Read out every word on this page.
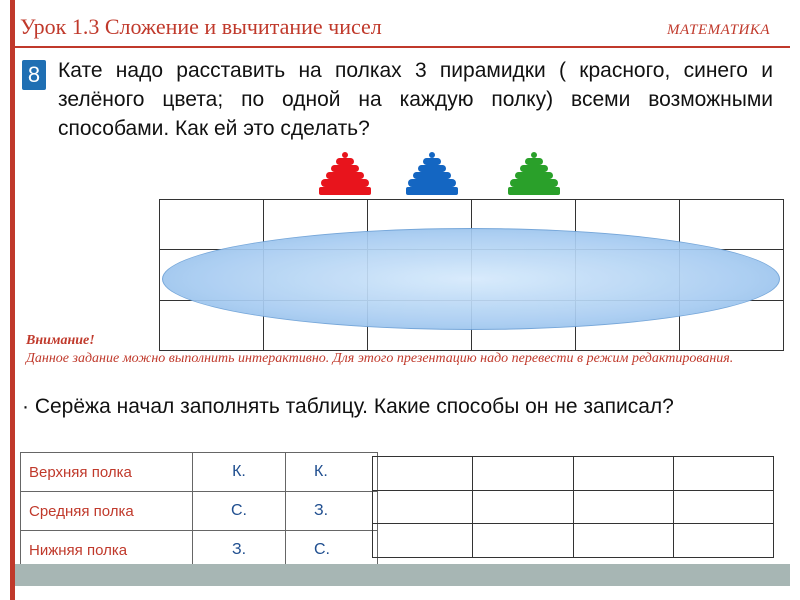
Урок 1.3 Сложение и вычитание чисел	МАТЕМАТИКА
8 Кате надо расставить на полках 3 пирамидки ( красного, синего и зелёного цвета; по одной на каждую полку) всеми возможными способами. Как ей это сделать?

Внимание!
Данное задание можно выполнить интерактивно. Для этого презентацию надо перевести в режим редактирования.
· Серёжа начал заполнять таблицу. Какие способы он не записал?
Верхняя полка	К.	К.
Средняя полка	С.	З.
Нижняя полка	З.	С.
